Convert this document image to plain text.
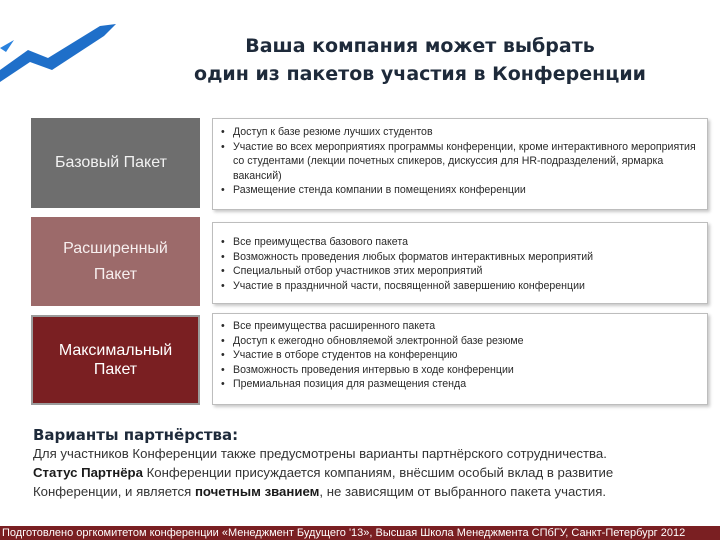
Ваша компания может выбрать
один из пакетов участия в Конференции
Базовый Пакет
Расширенный
Пакет
Максимальный
Пакет
• Доступ к базе резюме лучших студентов
• Участие во всех мероприятиях программы конференции, кроме интерактивного мероприятия со студентами (лекции почетных спикеров, дискуссия для HR-подразделений, ярмарка вакансий)
• Размещение стенда компании в помещениях конференции
• Все преимущества базового пакета
• Возможность проведения любых форматов интерактивных мероприятий
• Специальный отбор участников этих мероприятий
• Участие в праздничной части, посвященной завершению конференции
• Все преимущества расширенного пакета
• Доступ к ежегодно обновляемой электронной базе резюме
• Участие в отборе студентов на конференцию
• Возможность проведения интервью в ходе конференции
• Премиальная позиция для размещения стенда
Варианты партнёрства:

Для участников Конференции также предусмотрены варианты партнёрского сотрудничества.

Статус Партнёра Конференции присуждается компаниям, внёсшим особый вклад в развитие

Конференции, и является почетным званием, не зависящим от выбранного пакета участия.

Подготовлено оргкомитетом конференции «Менеджмент Будущего '13», Высшая Школа Менеджмента СПбГУ, Санкт-Петербург 2012
